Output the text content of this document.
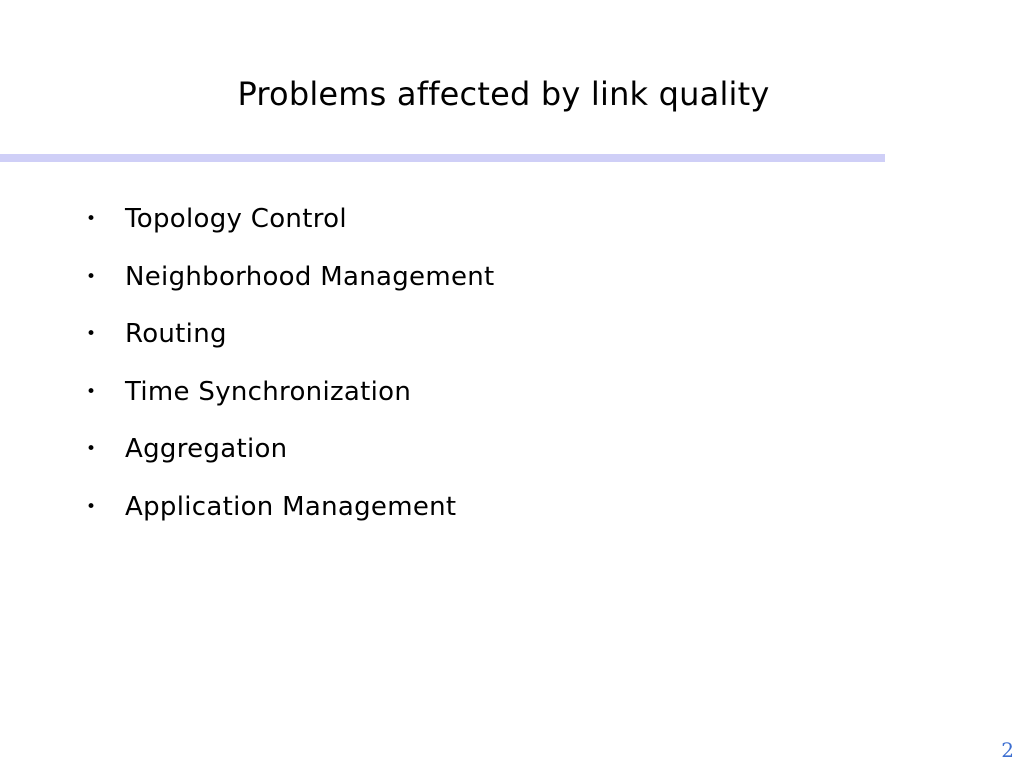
Problems affected by link quality
•	Topology Control
•	Neighborhood Management
•	Routing
•	Time Synchronization
•	Aggregation
•	Application Management
2
